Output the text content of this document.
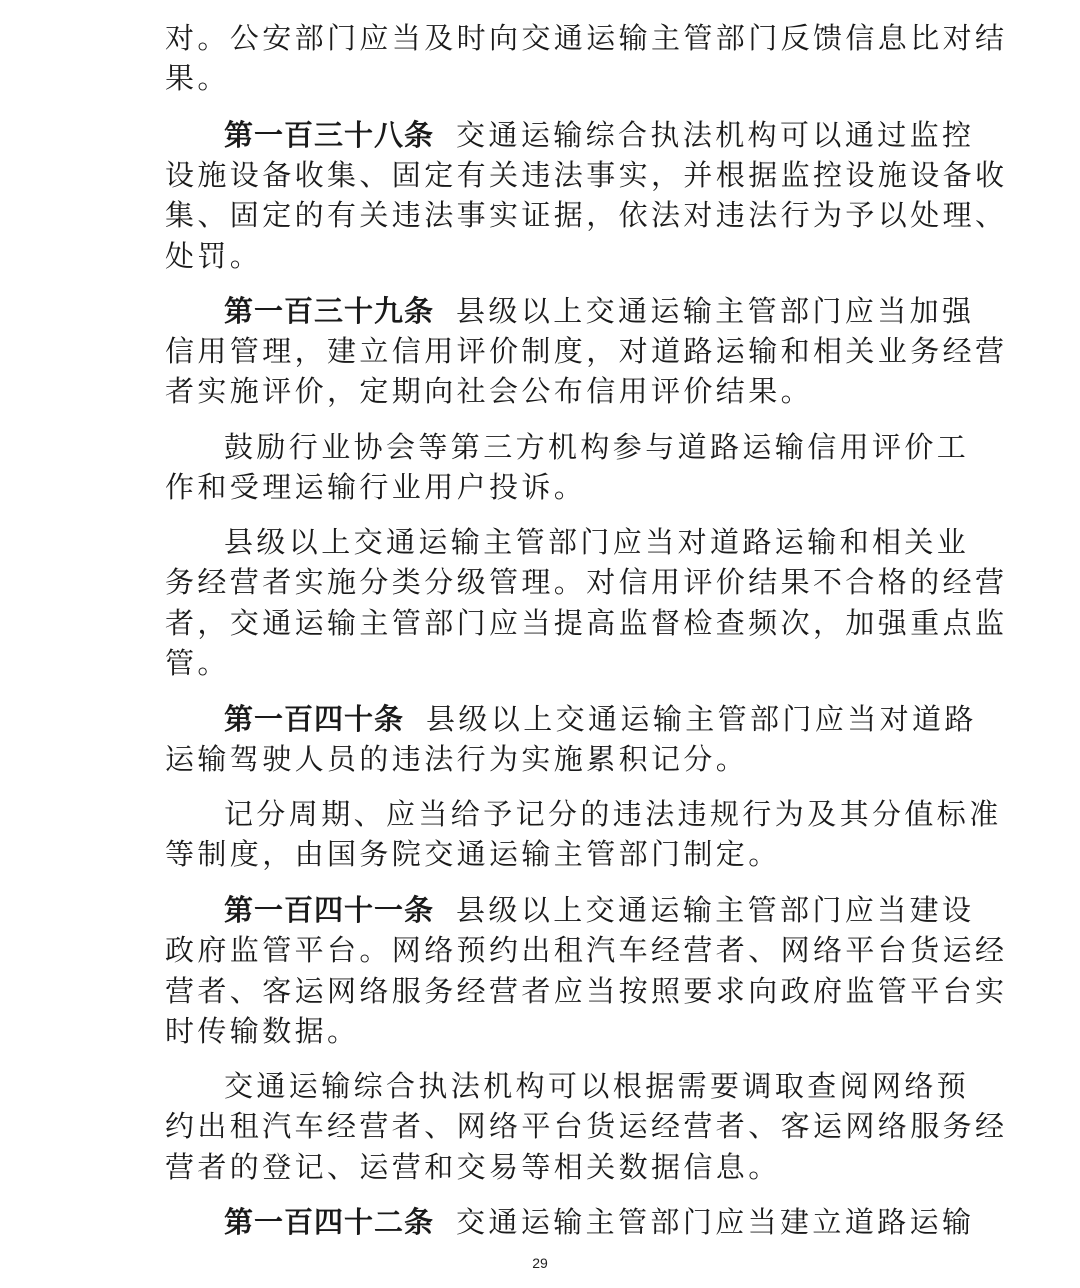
对。公安部门应当及时向交通运输主管部门反馈信息比对结
果。
第一百三十八条 交通运输综合执法机构可以通过监控
设施设备收集、固定有关违法事实，并根据监控设施设备收
集、固定的有关违法事实证据，依法对违法行为予以处理、
处罚。
第一百三十九条 县级以上交通运输主管部门应当加强
信用管理，建立信用评价制度，对道路运输和相关业务经营
者实施评价，定期向社会公布信用评价结果。
鼓励行业协会等第三方机构参与道路运输信用评价工
作和受理运输行业用户投诉。
县级以上交通运输主管部门应当对道路运输和相关业
务经营者实施分类分级管理。对信用评价结果不合格的经营
者，交通运输主管部门应当提高监督检查频次，加强重点监
管。
第一百四十条 县级以上交通运输主管部门应当对道路
运输驾驶人员的违法行为实施累积记分。
记分周期、应当给予记分的违法违规行为及其分值标准
等制度，由国务院交通运输主管部门制定。
第一百四十一条 县级以上交通运输主管部门应当建设
政府监管平台。网络预约出租汽车经营者、网络平台货运经
营者、客运网络服务经营者应当按照要求向政府监管平台实
时传输数据。
交通运输综合执法机构可以根据需要调取查阅网络预
约出租汽车经营者、网络平台货运经营者、客运网络服务经
营者的登记、运营和交易等相关数据信息。
第一百四十二条 交通运输主管部门应当建立道路运输
29
